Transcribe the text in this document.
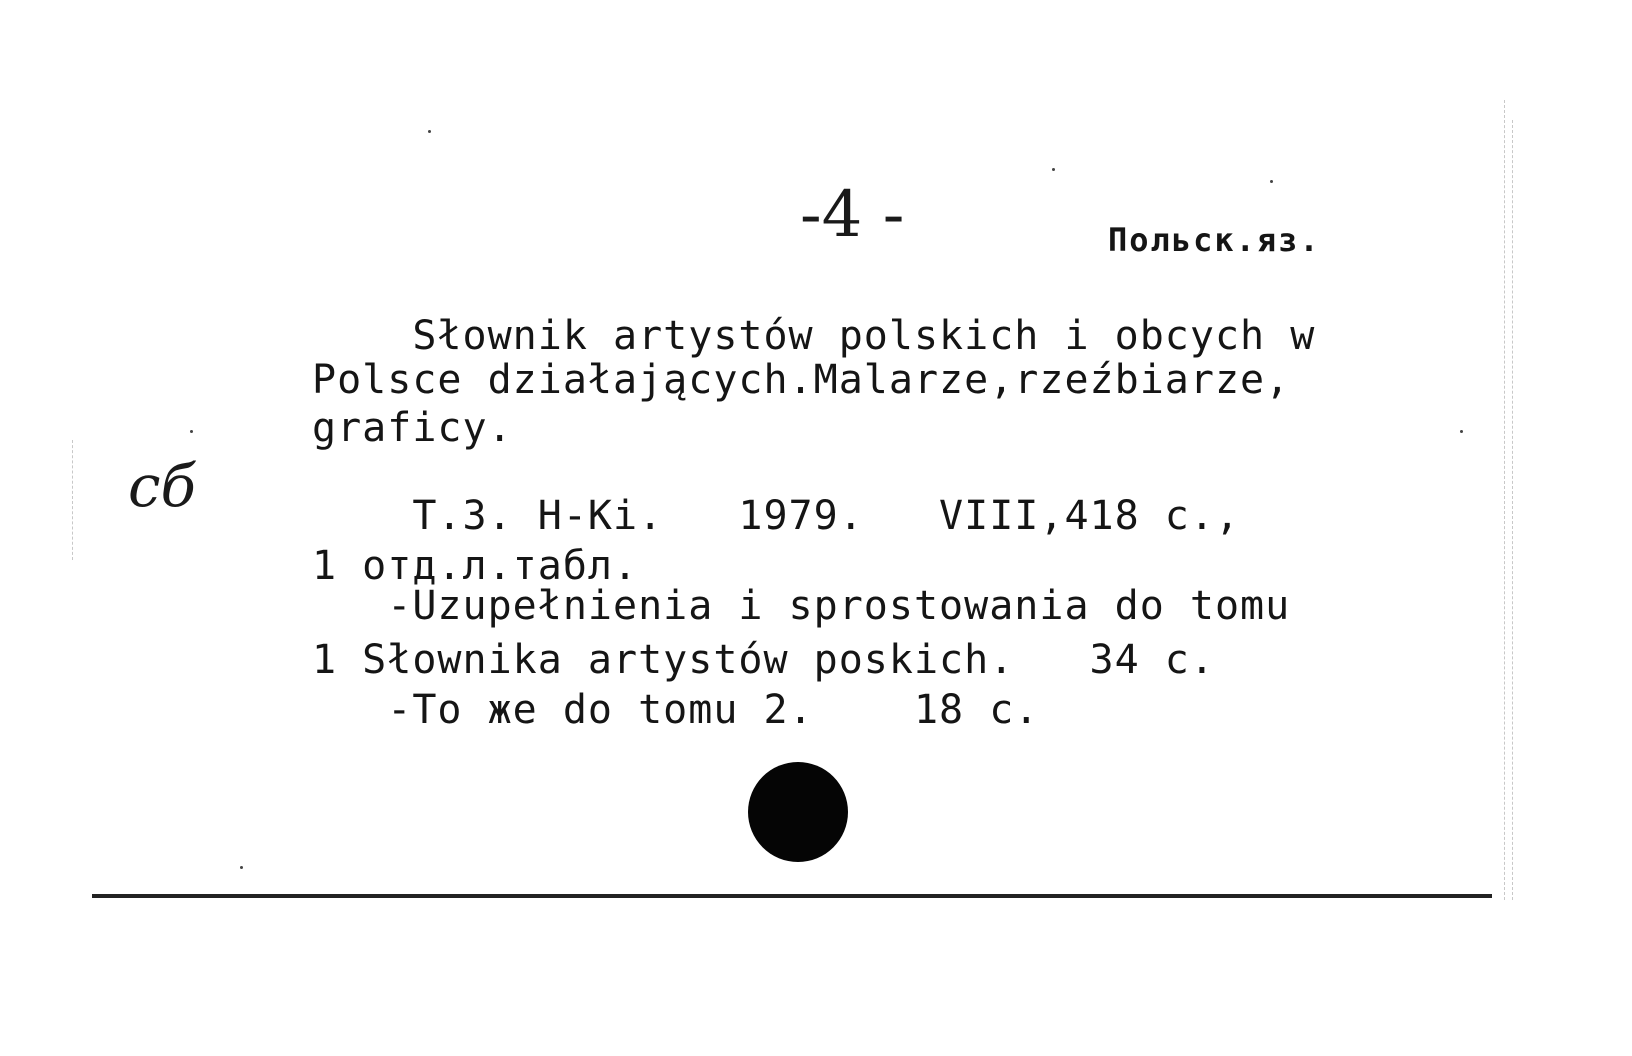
-4 -	Польск.яз.
сб
Słownik artystów polskich i obcych w
Polsce działających.Malarze,rzeźbiarze,
graficy.
Т.3. H-Ki.   1979.   VIII,418 с.,
1 отд.л.табл.
-Uzupełnienia i sprostowania do tomu
1 Słownika artystów poskich.   34 с.
-То же do tomu 2.    18 с.
